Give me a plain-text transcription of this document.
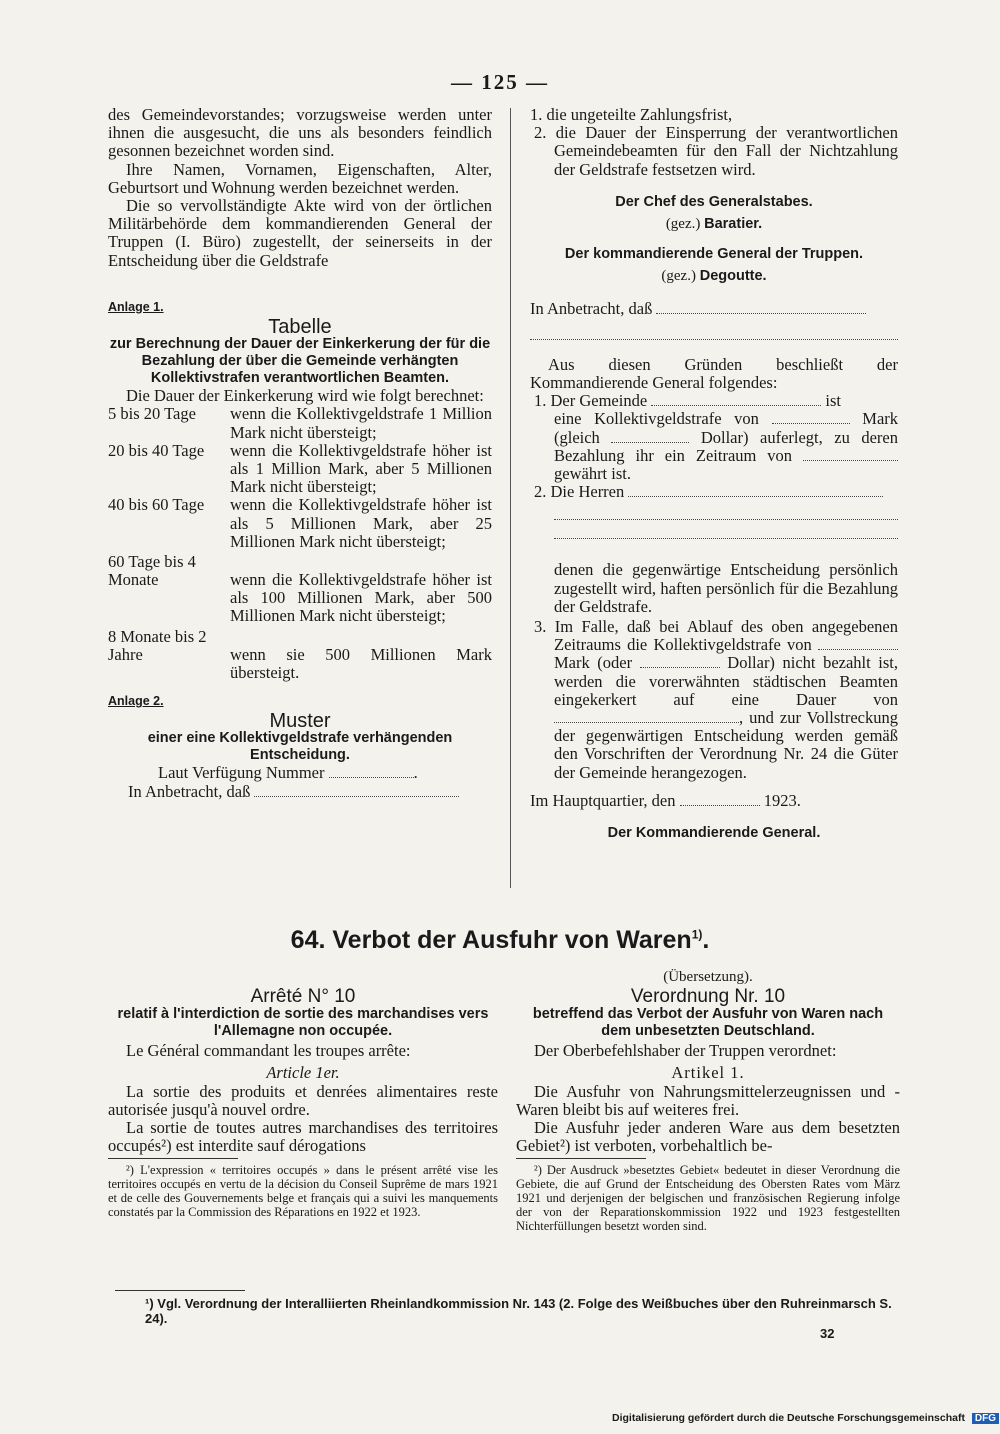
— 125 —

des Gemeindevorstandes; vorzugsweise werden unter ihnen die ausgesucht, die uns als besonders feindlich gesonnen bezeichnet worden sind.

Ihre Namen, Vornamen, Eigenschaften, Alter, Geburtsort und Wohnung werden bezeichnet werden.

Die so vervollständigte Akte wird von der örtlichen Militärbehörde dem kommandierenden General der Truppen (I. Büro) zugestellt, der seinerseits in der Entscheidung über die Geldstrafe

Anlage 1.
Tabelle
zur Berechnung der Dauer der Einkerkerung der für die Bezahlung der über die Gemeinde verhängten Kollektivstrafen verantwortlichen Beamten.

Die Dauer der Einkerkerung wird wie folgt berechnet:

5 bis 20 Tage	wenn die Kollektivgeldstrafe 1 Million Mark nicht übersteigt;
20 bis 40 Tage	wenn die Kollektivgeldstrafe höher ist als 1 Million Mark, aber 5 Millionen Mark nicht übersteigt;
40 bis 60 Tage	wenn die Kollektivgeldstrafe höher ist als 5 Millionen Mark, aber 25 Millionen Mark nicht übersteigt;
60 Tage bis 4 Monate	wenn die Kollektivgeldstrafe höher ist als 100 Millionen Mark, aber 500 Millionen Mark nicht übersteigt;
8 Monate bis 2 Jahre	wenn sie 500 Millionen Mark übersteigt.
Anlage 2.
Muster
einer eine Kollektivgeldstrafe verhängenden Entscheidung.

Laut Verfügung Nummer	.

In Anbetracht, daß

1. die ungeteilte Zahlungsfrist,

2. die Dauer der Einsperrung der verantwortlichen Gemeindebeamten für den Fall der Nichtzahlung der Geldstrafe festsetzen wird.

Der Chef des Generalstabes.
(gez.) Baratier.
Der kommandierende General der Truppen.
(gez.) Degoutte.

In Anbetracht, daß

Aus diesen Gründen beschließt der Kommandierende General folgendes:

1. Der Gemeinde	ist

eine Kollektivgeldstrafe von	Mark (gleich	Dollar) auferlegt, zu deren Bezahlung ihr ein Zeitraum von  gewährt ist.

2. Die Herren

denen die gegenwärtige Entscheidung persönlich zugestellt wird, haften persönlich für die Bezahlung der Geldstrafe.

3. Im Falle, daß bei Ablauf des oben angegebenen Zeitraums die Kollektivgeldstrafe von  Mark (oder	Dollar) nicht bezahlt ist, werden die vorerwähnten städtischen Beamten eingekerkert auf eine Dauer von , und zur Vollstreckung der gegenwärtigen Entscheidung werden gemäß den Vorschriften der Verordnung Nr. 24 die Güter der Gemeinde herangezogen.

Im Hauptquartier, den	1923.

Der Kommandierende General.
64. Verbot der Ausfuhr von Waren$^{1)}$.
Arrêté N° 10
relatif à l'interdiction de sortie des marchandises vers l'Allemagne non occupée.

Le Général commandant les troupes arrête:

Article 1er.

La sortie des produits et denrées alimentaires reste autorisée jusqu'à nouvel ordre.

La sortie de toutes autres marchandises des territoires occupés²) est interdite sauf dérogations

²) L'expression « territoires occupés » dans le présent arrêté vise les territoires occupés en vertu de la décision du Conseil Suprême de mars 1921 et de celle des Gouvernements belge et français qui a suivi les manquements constatés par la Commission des Réparations en 1922 et 1923.

(Übersetzung).
Verordnung Nr. 10
betreffend das Verbot der Ausfuhr von Waren nach dem unbesetzten Deutschland.

Der Oberbefehlshaber der Truppen verordnet:

Artikel 1.

Die Ausfuhr von Nahrungsmittelerzeugnissen und -Waren bleibt bis auf weiteres frei.

Die Ausfuhr jeder anderen Ware aus dem besetzten Gebiet²) ist verboten, vorbehaltlich be-

²) Der Ausdruck »besetztes Gebiet« bedeutet in dieser Verordnung die Gebiete, die auf Grund der Entscheidung des Obersten Rates vom März 1921 und derjenigen der belgischen und französischen Regierung infolge der von der Reparationskommission 1922 und 1923 festgestellten Nichterfüllungen besetzt worden sind.

¹) Vgl. Verordnung der Interalliierten Rheinlandkommission Nr. 143 (2. Folge des Weißbuches über den Ruhreinmarsch S. 24).
32
Digitalisierung gefördert durch die Deutsche Forschungsgemeinschaft DFG
